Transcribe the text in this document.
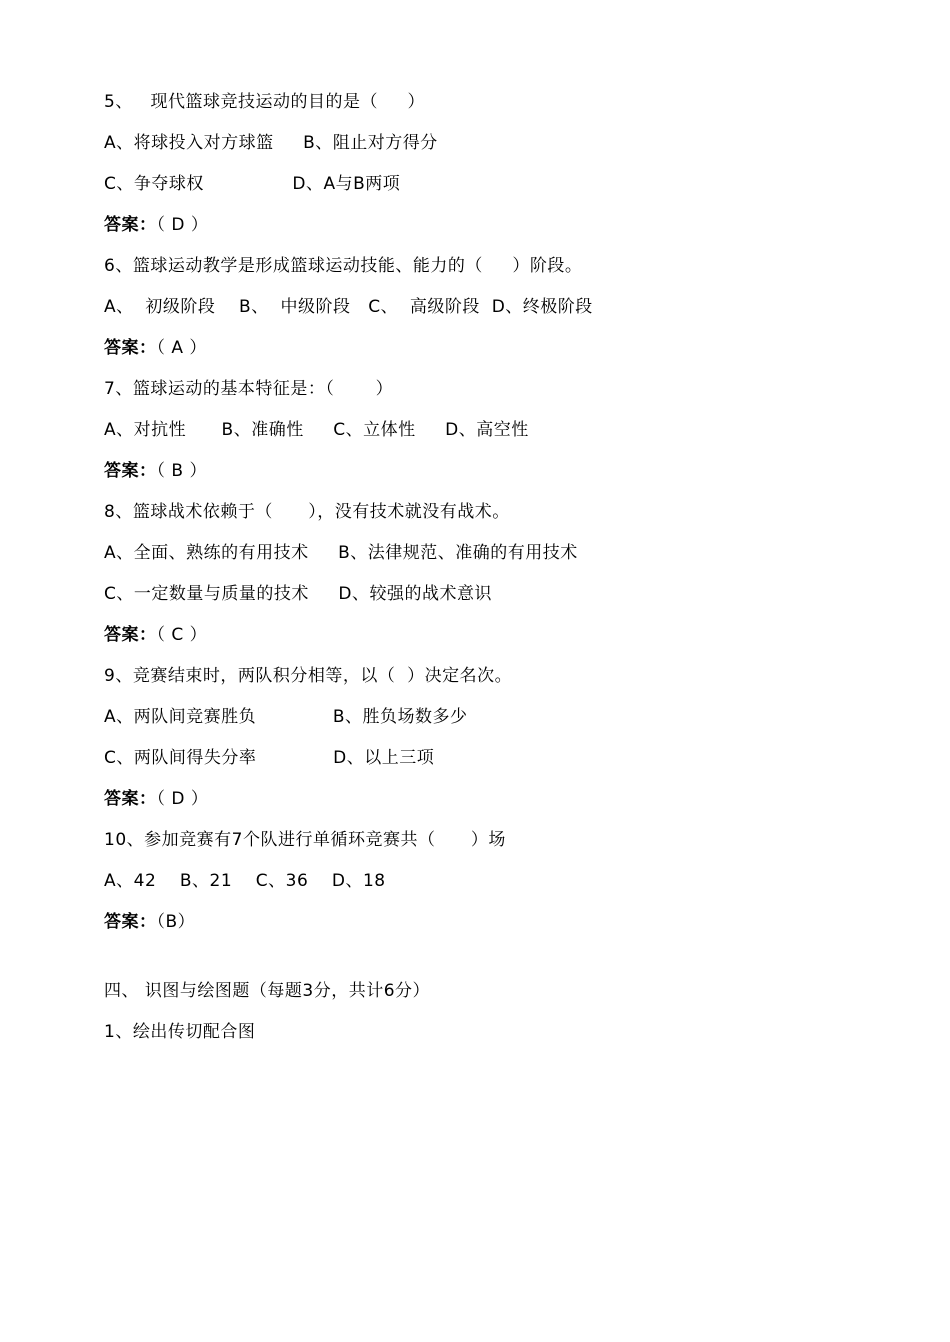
5、   现代篮球竞技运动的目的是（     ）
A、将球投入对方球篮     B、阻止对方得分
C、争夺球权               D、A与B两项
答案：（ D ）
6、篮球运动教学是形成篮球运动技能、能力的（     ）阶段。
A、  初级阶段    B、  中级阶段   C、  高级阶段  D、终极阶段
答案：（ A ）
7、篮球运动的基本特征是：（       ）
A、对抗性      B、准确性     C、立体性     D、高空性
答案：（ B ）
8、篮球战术依赖于（      ），没有技术就没有战术。
A、全面、熟练的有用技术     B、法律规范、准确的有用技术
C、一定数量与质量的技术     D、较强的战术意识
答案：（ C ）
9、竞赛结束时，两队积分相等，以（  ）决定名次。
A、两队间竞赛胜负             B、胜负场数多少
C、两队间得失分率             D、以上三项
答案：（ D ）
10、参加竞赛有7个队进行单循环竞赛共（      ）场
A、42    B、21    C、36    D、18
答案：（B）
四、 识图与绘图题（每题3分，共计6分）
1、绘出传切配合图
